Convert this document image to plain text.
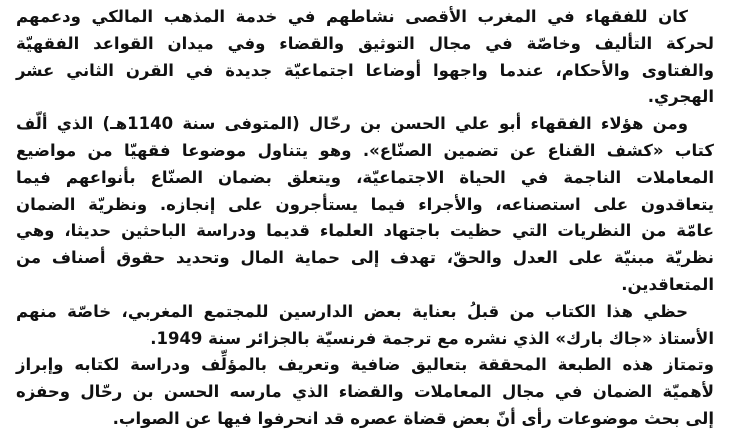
كان للفقهاء في المغرب الأقصى نشاطهم في خدمة المذهب المالكي ودعمهم
لحركة التأليف وخاصّة في مجال التوثيق والقضاء وفي ميدان القواعد الفقهيّة
والفتاوى والأحكام، عندما واجهوا أوضاعا اجتماعيّة جديدة في القرن الثاني عشر
الهجري.
ومن هؤلاء الفقهاء أبو علي الحسن بن رحّال (المتوفى سنة 1140هـ) الذي ألّف
كتاب «كشف القناع عن تضمين الصنّاع». وهو يتناول موضوعا فقهيّا من مواضيع
المعاملات الناجمة في الحياة الاجتماعيّة، ويتعلق بضمان الصنّاع بأنواعهم فيما
يتعاقدون على استصناعه، والأجراء فيما يستأجرون على إنجازه. ونظريّة الضمان
عامّة من النظريات التي حظيت باجتهاد العلماء قديما ودراسة الباحثين حديثا، وهي
نظريّة مبنيّة على العدل والحقّ، تهدف إلى حماية المال وتحديد حقوق أصناف من
المتعاقدين.
حظي هذا الكتاب من قبلُ بعناية بعض الدارسين للمجتمع المغربي، خاصّة منهم
الأستاذ «جاك بارك» الذي نشره مع ترجمة فرنسيّة بالجزائر سنة 1949.
وتمتاز هذه الطبعة المحققة بتعاليق ضافية وتعريف بالمؤلِّف ودراسة لكتابه وإبراز
لأهميّة الضمان في مجال المعاملات والقضاء الذي مارسه الحسن بن رحّال وحفزه
إلى بحث موضوعات رأى أنّ بعض قضاة عصره قد انحرفوا فيها عن الصواب.
